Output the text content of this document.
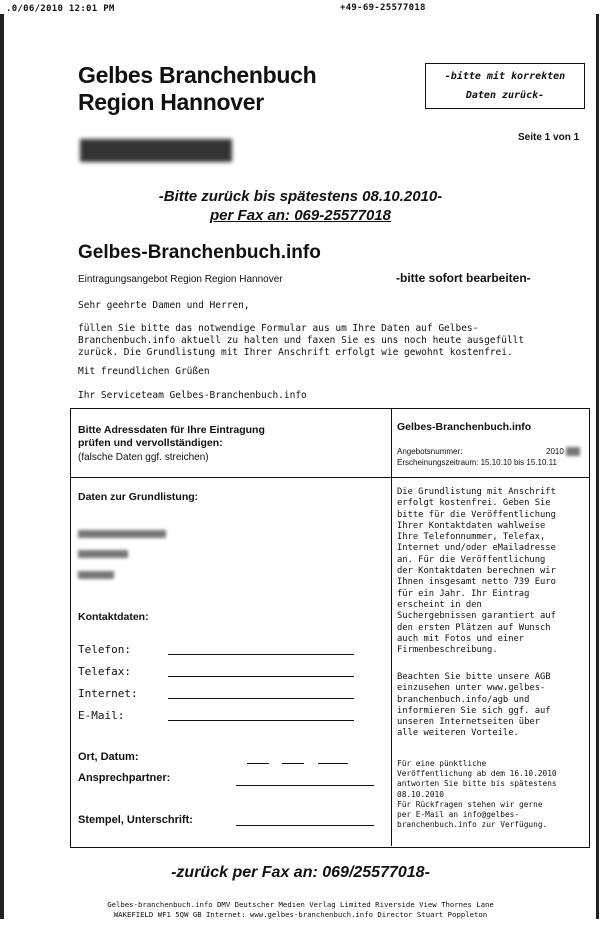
.0/06/2010 12:01 PM	+49-69-25577018
Gelbes Branchenbuch
Region Hannover
-bitte mit korrekten
Daten zurück-
Seite 1 von 1
-Bitte zurück bis spätestens 08.10.2010-
per Fax an: 069-25577018
Gelbes-Branchenbuch.info
Eintragungsangebot Region Region Hannover	-bitte sofort bearbeiten-
Sehr geehrte Damen und Herren,
füllen Sie bitte das notwendige Formular aus um Ihre Daten auf Gelbes-
Branchenbuch.info aktuell zu halten und faxen Sie es uns noch heute ausgefüllt
zurück. Die Grundlistung mit Ihrer Anschrift erfolgt wie gewohnt kostenfrei.
Mit freundlichen Grüßen
Ihr Serviceteam Gelbes-Branchenbuch.info
Bitte Adressdaten für Ihre Eintragung
prüfen und vervollständigen:
(falsche Daten ggf. streichen)
Gelbes-Branchenbuch.info
Angebotsnummer:	2010
Erscheinungszeitraum: 15.10.10 bis 15.10.11
Daten zur Grundlistung:
Kontaktdaten:
Telefon:
Telefax:
Internet:
E-Mail:
Ort, Datum:
Ansprechpartner:
Stempel, Unterschrift:
Die Grundlistung mit Anschrift
erfolgt kostenfrei. Geben Sie
bitte für die Veröffentlichung
Ihrer Kontaktdaten wahlweise
Ihre Telefonnummer, Telefax,
Internet und/oder eMailadresse
an. Für die Veröffentlichung
der Kontaktdaten berechnen wir
Ihnen insgesamt netto 739 Euro
für ein Jahr. Ihr Eintrag
erscheint in den
Suchergebnissen garantiert auf
den ersten Plätzen auf Wunsch
auch mit Fotos und einer
Firmenbeschreibung.
Beachten Sie bitte unsere AGB
einzusehen unter www.gelbes-
branchenbuch.info/agb und
informieren Sie sich ggf. auf
unseren Internetseiten über
alle weiteren Vorteile.
Für eine pünktliche
Veröffentlichung ab dem 16.10.2010
antworten Sie bitte bis spätestens
08.10.2010
Für Rückfragen stehen wir gerne
per E-Mail an info@gelbes-
branchenbuch.info zur Verfügung.
-zurück per Fax an: 069/25577018-
Gelbes-branchenbuch.info DMV Deutscher Medien Verlag Limited Riverside View Thornes Lane
WAKEFIELD WF1 5QW GB Internet: www.gelbes-branchenbuch.info Director Stuart Poppleton
